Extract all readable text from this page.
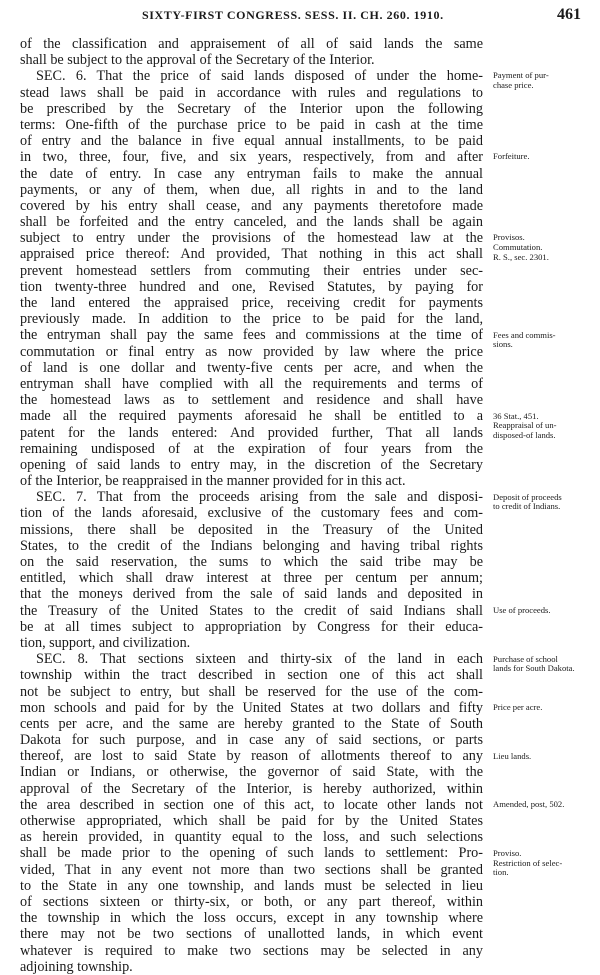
SIXTY-FIRST CONGRESS. SESS. II. CH. 260. 1910.	461
of the classification and appraisement of all of said lands the same
shall be subject to the approval of the Secretary of the Interior.
SEC. 6. That the price of said lands disposed of under the home-
stead laws shall be paid in accordance with rules and regulations to
be prescribed by the Secretary of the Interior upon the following
terms: One-fifth of the purchase price to be paid in cash at the time
of entry and the balance in five equal annual installments, to be paid
in two, three, four, five, and six years, respectively, from and after
the date of entry. In case any entryman fails to make the annual
payments, or any of them, when due, all rights in and to the land
covered by his entry shall cease, and any payments theretofore made
shall be forfeited and the entry canceled, and the lands shall be again
subject to entry under the provisions of the homestead law at the
appraised price thereof: And provided, That nothing in this act shall
prevent homestead settlers from commuting their entries under sec-
tion twenty-three hundred and one, Revised Statutes, by paying for
the land entered the appraised price, receiving credit for payments
previously made. In addition to the price to be paid for the land,
the entryman shall pay the same fees and commissions at the time of
commutation or final entry as now provided by law where the price
of land is one dollar and twenty-five cents per acre, and when the
entryman shall have complied with all the requirements and terms of
the homestead laws as to settlement and residence and shall have
made all the required payments aforesaid he shall be entitled to a
patent for the lands entered: And provided further, That all lands
remaining undisposed of at the expiration of four years from the
opening of said lands to entry may, in the discretion of the Secretary
of the Interior, be reappraised in the manner provided for in this act.
SEC. 7. That from the proceeds arising from the sale and disposi-
tion of the lands aforesaid, exclusive of the customary fees and com-
missions, there shall be deposited in the Treasury of the United
States, to the credit of the Indians belonging and having tribal rights
on the said reservation, the sums to which the said tribe may be
entitled, which shall draw interest at three per centum per annum;
that the moneys derived from the sale of said lands and deposited in
the Treasury of the United States to the credit of said Indians shall
be at all times subject to appropriation by Congress for their educa-
tion, support, and civilization.
SEC. 8. That sections sixteen and thirty-six of the land in each
township within the tract described in section one of this act shall
not be subject to entry, but shall be reserved for the use of the com-
mon schools and paid for by the United States at two dollars and fifty
cents per acre, and the same are hereby granted to the State of South
Dakota for such purpose, and in case any of said sections, or parts
thereof, are lost to said State by reason of allotments thereof to any
Indian or Indians, or otherwise, the governor of said State, with the
approval of the Secretary of the Interior, is hereby authorized, within
the area described in section one of this act, to locate other lands not
otherwise appropriated, which shall be paid for by the United States
as herein provided, in quantity equal to the loss, and such selections
shall be made prior to the opening of such lands to settlement: Pro-
vided, That in any event not more than two sections shall be granted
to the State in any one township, and lands must be selected in lieu
of sections sixteen or thirty-six, or both, or any part thereof, within
the township in which the loss occurs, except in any township where
there may not be two sections of unallotted lands, in which event
whatever is required to make two sections may be selected in any
adjoining township.
Payment of pur-
chase price.
Forfeiture.
Provisos.
Commutation.
R. S., sec. 2301.
Fees and commis-
sions.
36 Stat., 451.
Reappraisal of un-
disposed-of lands.
Deposit of proceeds
to credit of Indians.
Use of proceeds.
Purchase of school
lands for South Dakota.
Price per acre.
Lieu lands.
Amended, post, 502.
Proviso.
Restriction of selec-
tion.
